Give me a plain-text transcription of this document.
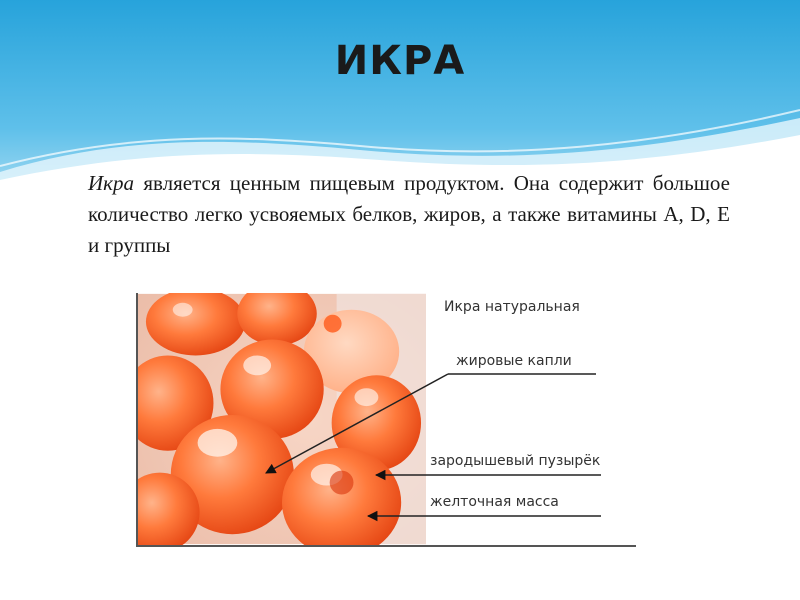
ИКРА

Икра является ценным пищевым продуктом. Она содержит большое количество легко усвояемых белков, жиров, а также витамины A, D, E и группы

Икра натуральная
жировые капли
зародышевый пузырёк
желточная масса
